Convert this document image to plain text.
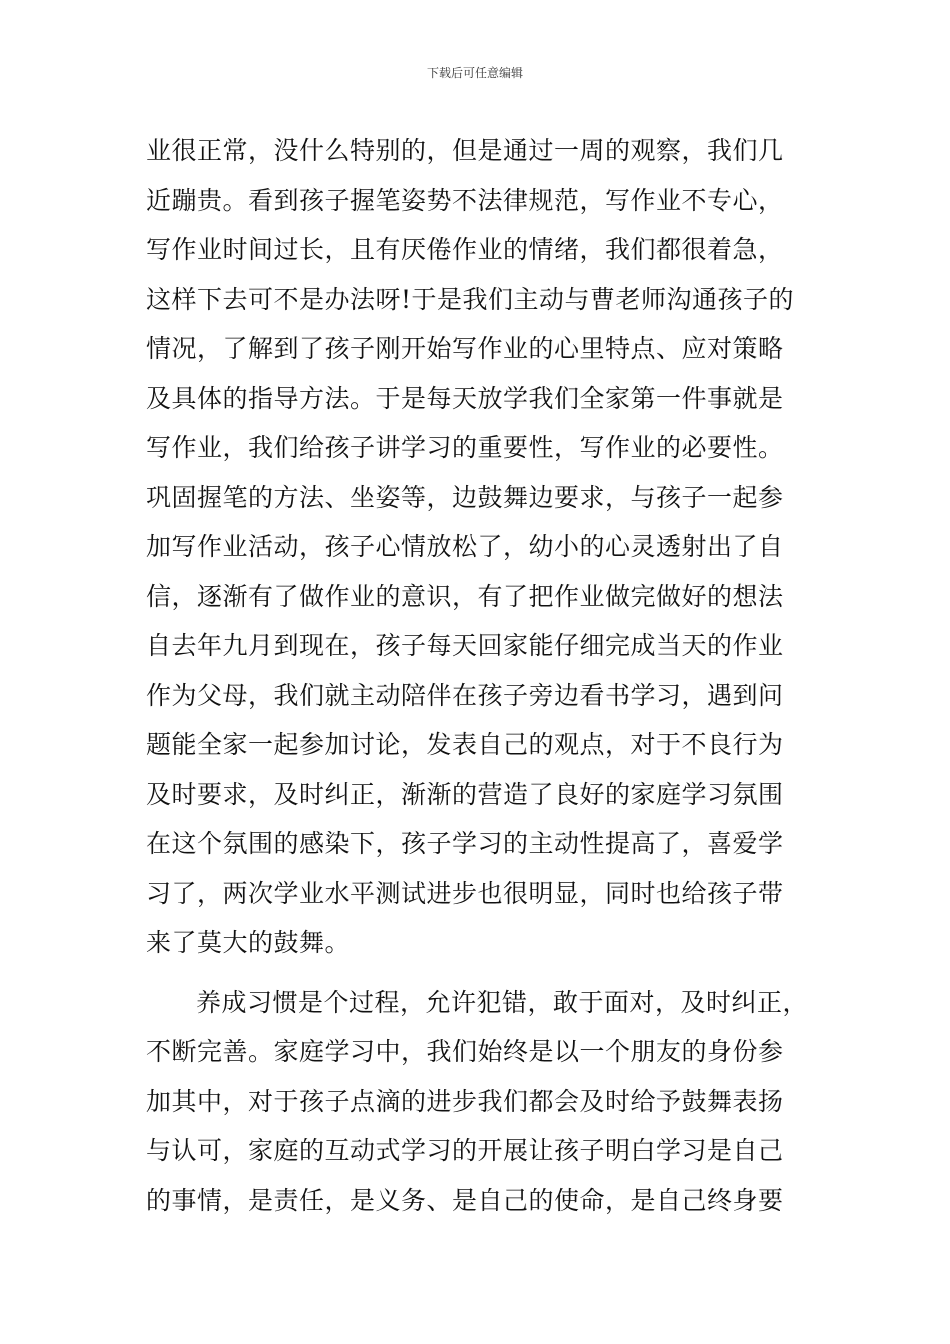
下载后可任意编辑
业很正常，没什么特别的，但是通过一周的观察，我们几
近蹦贵。看到孩子握笔姿势不法律规范，写作业不专心，
写作业时间过长，且有厌倦作业的情绪，我们都很着急，
这样下去可不是办法呀!于是我们主动与曹老师沟通孩子的
情况，了解到了孩子刚开始写作业的心里特点、应对策略
及具体的指导方法。于是每天放学我们全家第一件事就是
写作业，我们给孩子讲学习的重要性，写作业的必要性。
巩固握笔的方法、坐姿等，边鼓舞边要求，与孩子一起参
加写作业活动，孩子心情放松了，幼小的心灵透射出了自
信，逐渐有了做作业的意识，有了把作业做完做好的想法
自去年九月到现在，孩子每天回家能仔细完成当天的作业
作为父母，我们就主动陪伴在孩子旁边看书学习，遇到问
题能全家一起参加讨论，发表自己的观点，对于不良行为
及时要求，及时纠正，渐渐的营造了良好的家庭学习氛围
在这个氛围的感染下，孩子学习的主动性提高了，喜爱学
习了，两次学业水平测试进步也很明显，同时也给孩子带
来了莫大的鼓舞。
养成习惯是个过程，允许犯错，敢于面对，及时纠正，
不断完善。家庭学习中，我们始终是以一个朋友的身份参
加其中，对于孩子点滴的进步我们都会及时给予鼓舞表扬
与认可，家庭的互动式学习的开展让孩子明白学习是自己
的事情，是责任，是义务、是自己的使命，是自己终身要
